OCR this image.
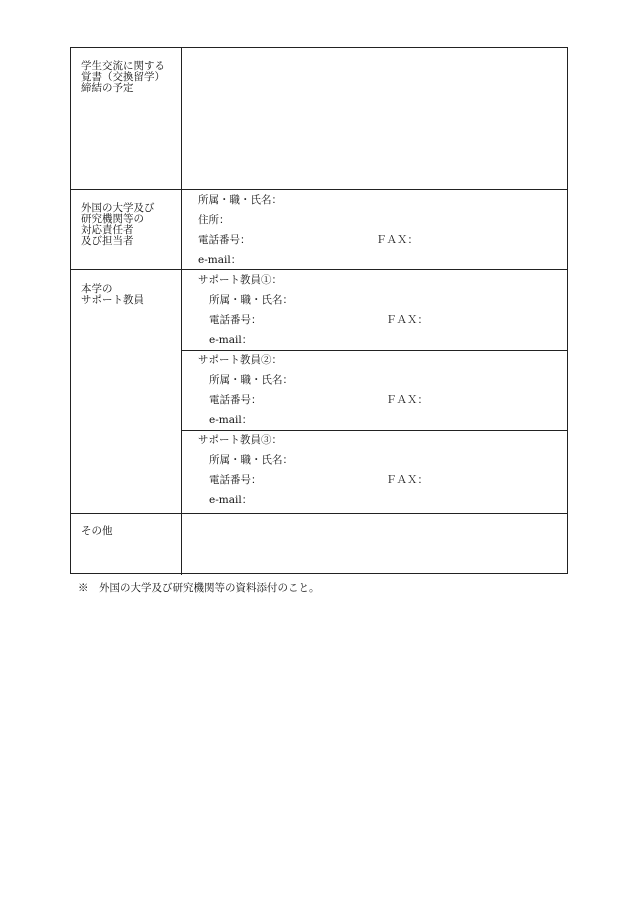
学生交流に関する
覚書（交換留学）
締結の予定
外国の大学及び
研究機関等の
対応責任者
及び担当者
所属・職・氏名：
住所：
電話番号：	ＦＡＸ：
e-mail：
本学の
サポート教員
サポート教員①：
所属・職・氏名：
電話番号：	ＦＡＸ：
e-mail：
サポート教員②：
所属・職・氏名：
電話番号：	ＦＡＸ：
e-mail：
サポート教員③：
所属・職・氏名：
電話番号：	ＦＡＸ：
e-mail：
その他
※　外国の大学及び研究機関等の資料添付のこと。
